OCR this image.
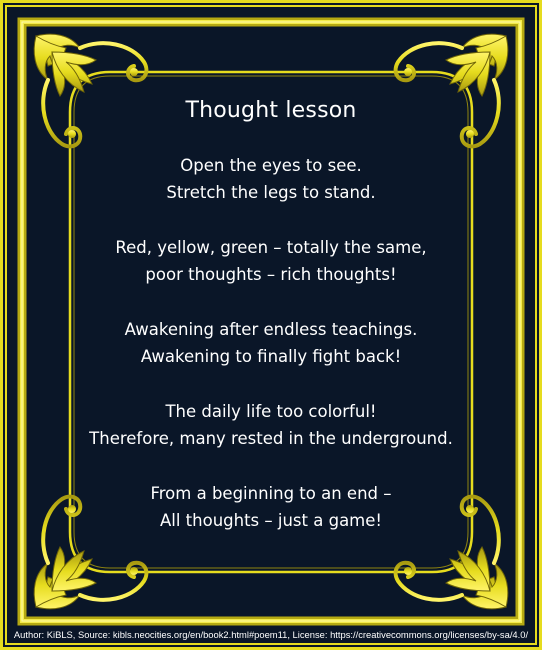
Thought lesson
Open the eyes to see.
Stretch the legs to stand.
Red, yellow, green – totally the same,
poor thoughts – rich thoughts!
Awakening after endless teachings.
Awakening to finally fight back!
The daily life too colorful!
Therefore, many rested in the underground.
From a beginning to an end –
All thoughts – just a game!
Author: KiBLS, Source: kibls.neocities.org/en/book2.html#poem11, License: https://creativecommons.org/licenses/by-sa/4.0/
